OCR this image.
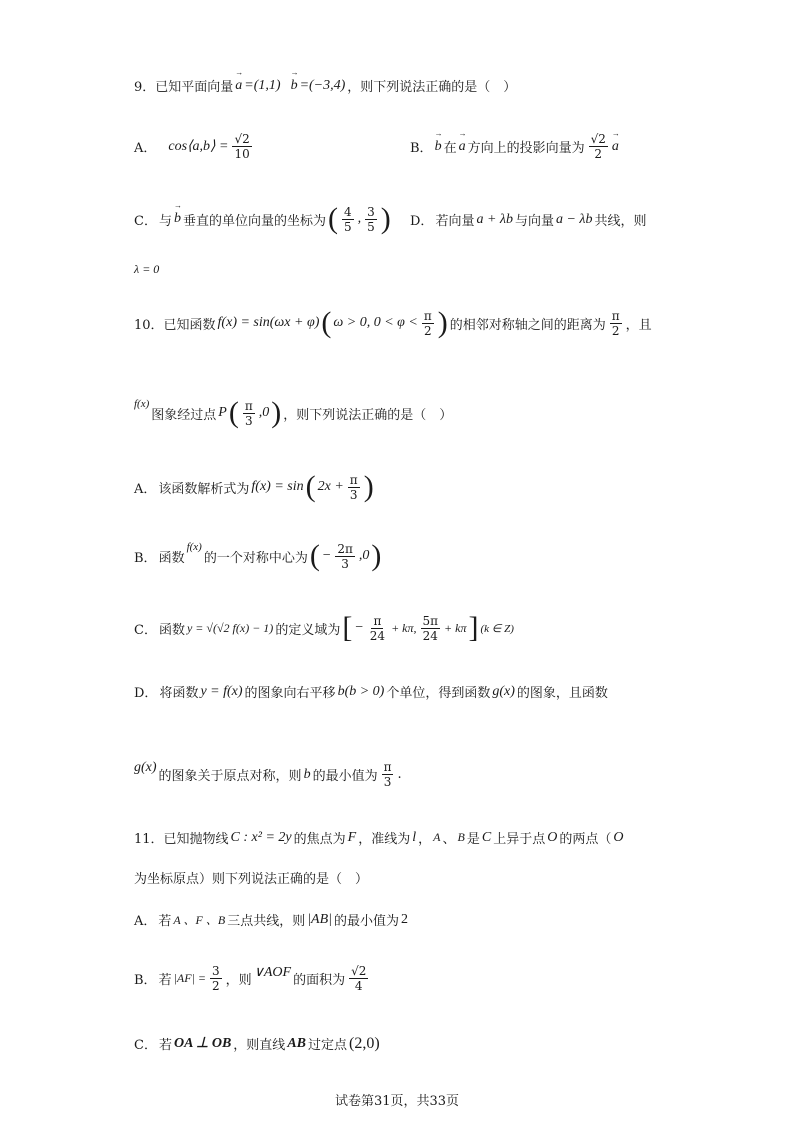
9．已知平面向量
→ a =(1,1)
→ b =(−3,4) ，则下列说法正确的是（　）
A． cos⟨a,b⟩ = $\frac{√2}{10}$	B．
→ b 在
→ a 方向上的投影向量为 $\frac{√2}{2}$
→ a
C． 与
→ b 垂直的单位向量的坐标为 ( $\frac{4}{5}$ , $\frac{3}{5}$ ) D． 若向量 a + λb 与向量 a − λb 共线，则
λ = 0
10．已知函数 f(x) = sin(ωx + φ) ( ω > 0, $0 < \varphi < \frac{\pi}{2}$ ) 的相邻对称轴之间的距离为 $\frac{\pi}{2}$ ，且
f(x)
图象经过点 P ( $\frac{\pi}{3} ,0$ ) ，则下列说法正确的是（　）
A． 该函数解析式为 f(x) = sin ( $2x + \frac{\pi}{3}$ )
B． 函数
f(x)
的一个对称中心为 ( − $\frac{2\pi}{3} ,0$ )
C． 函数 y = √(√2 f(x) − 1) 的定义域为 [ − $\frac{\pi}{24} + k\pi$, $\frac{5\pi}{24} + k\pi$ ] (k ∈ Z)
D． 将函数 y = f(x) 的图象向右平移 b(b > 0) 个单位，得到函数 g(x) 的图象，且函数
g(x)
的图象关于原点对称，则 b 的最小值为 $\frac{\pi}{3}$ .
11．已知抛物线 C : x² = 2y 的焦点为 F ，准线为 l ， A 、 B 是 C 上异于点 O 的两点（ O
为坐标原点）则下列说法正确的是（　）
A． 若 A 、F 、B 三点共线，则 |AB| 的最小值为 2
B． 若 $|AF| = \frac{3}{2}$ ，则
∨AOF
的面积为 $\frac{√2}{4}$
C． 若 OA ⊥ OB ，则直线 AB 过定点 (2,0)
试卷第31页，共33页
